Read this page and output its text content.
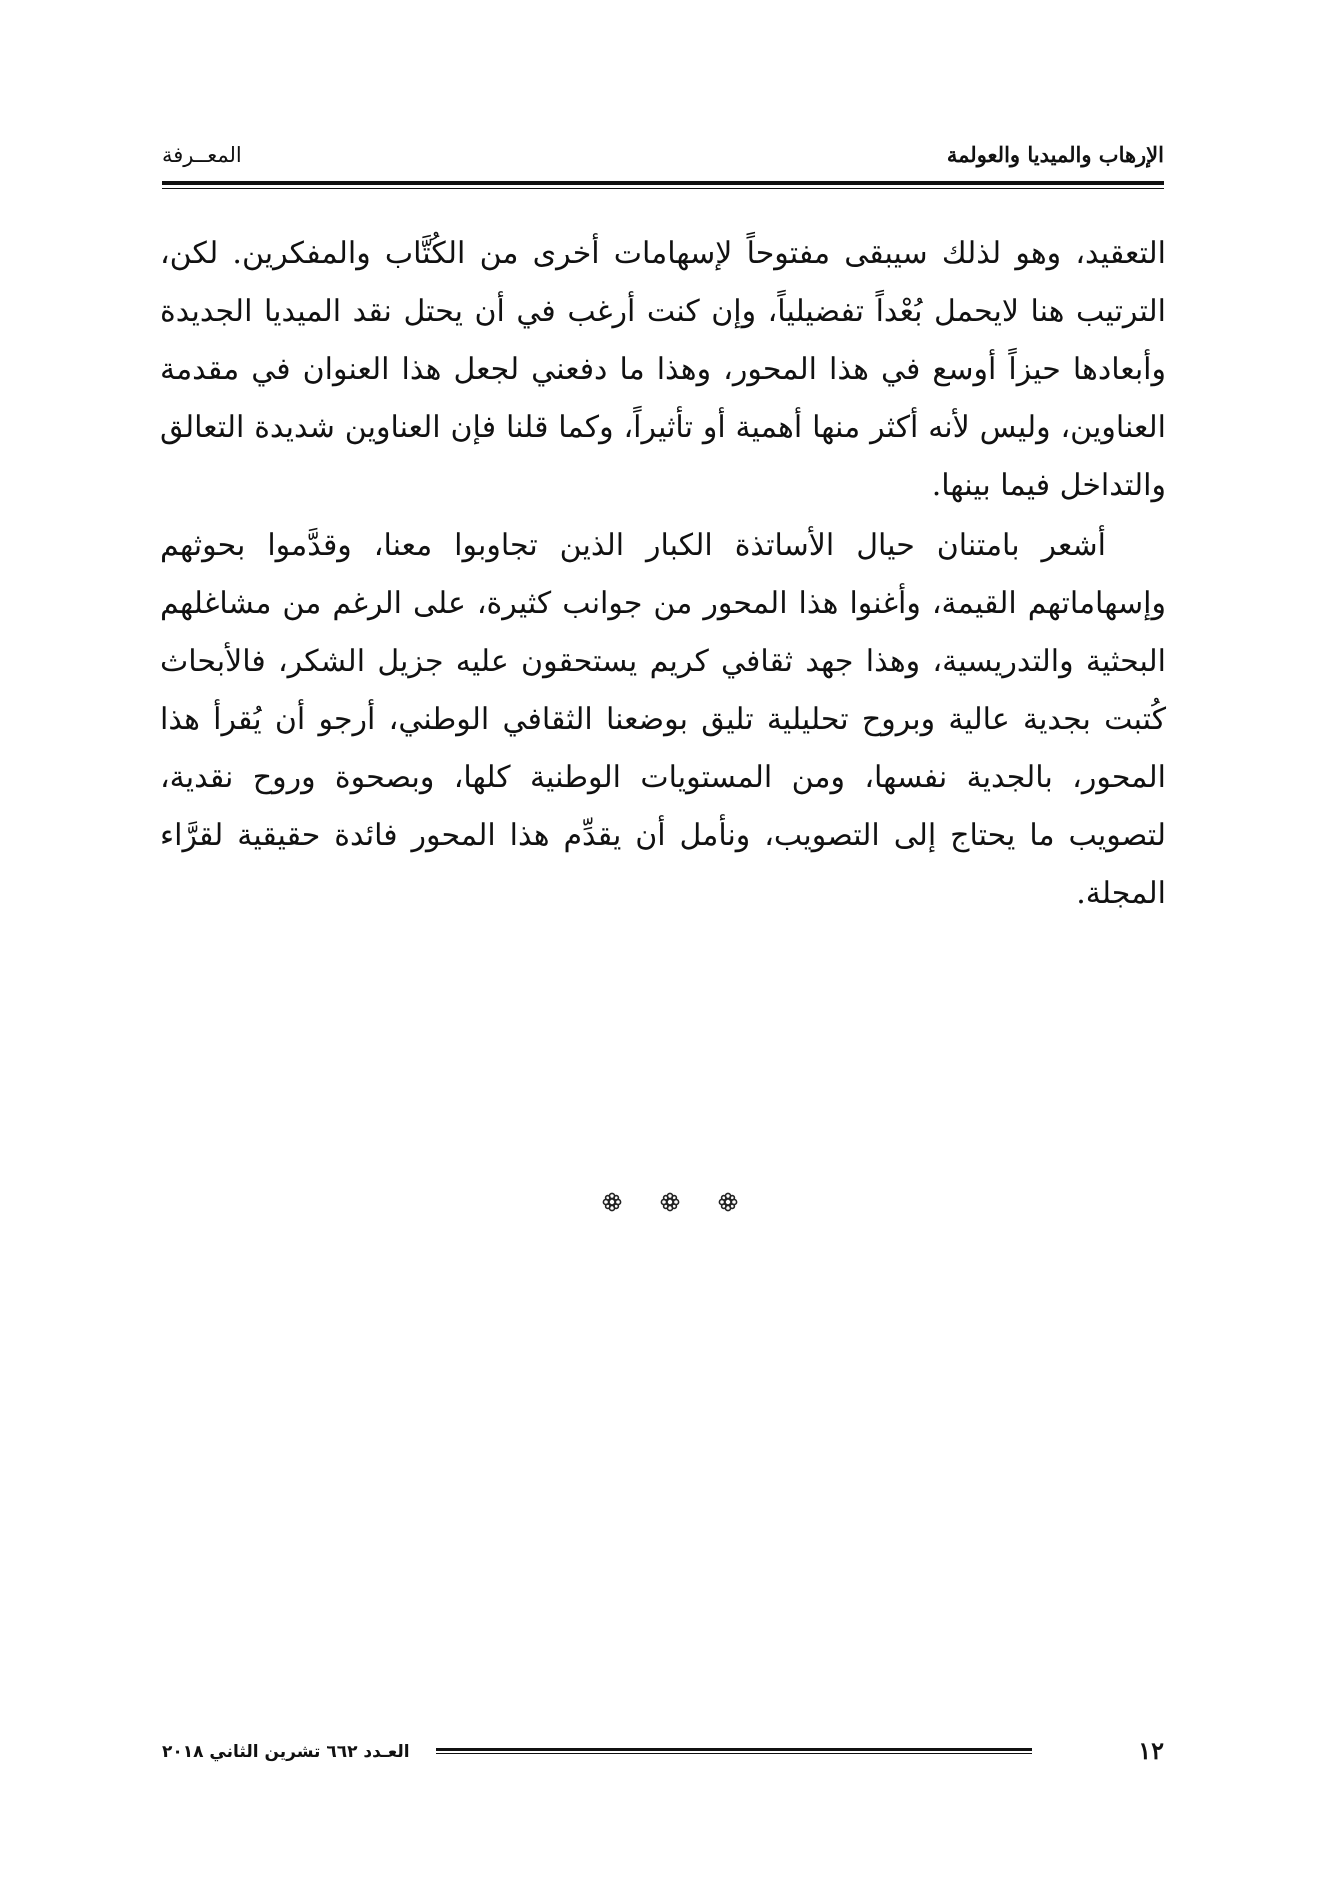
المعــرفة	الإرهاب والميديا والعولمة

التعقيد، وهو لذلك سيبقى مفتوحاً لإسهامات أخرى من الكُتَّاب والمفكرين. لكن، الترتيب هنا لايحمل بُعْداً تفضيلياً، وإن كنت أرغب في أن يحتل نقد الميديا الجديدة وأبعادها حيزاً أوسع في هذا المحور، وهذا ما دفعني لجعل هذا العنوان في مقدمة العناوين، وليس لأنه أكثر منها أهمية أو تأثيراً، وكما قلنا فإن العناوين شديدة التعالق والتداخل فيما بينها.

أشعر بامتنان حيال الأساتذة الكبار الذين تجاوبوا معنا، وقدَّموا بحوثهم وإسهاماتهم القيمة، وأغنوا هذا المحور من جوانب كثيرة، على الرغم من مشاغلهم البحثية والتدريسية، وهذا جهد ثقافي كريم يستحقون عليه جزيل الشكر، فالأبحاث كُتبت بجدية عالية وبروح تحليلية تليق بوضعنا الثقافي الوطني، أرجو أن يُقرأ هذا المحور، بالجدية نفسها، ومن المستويات الوطنية كلها، وبصحوة وروح نقدية، لتصويب ما يحتاج إلى التصويب، ونأمل أن يقدِّم هذا المحور فائدة حقيقية لقرَّاء المجلة.

العـدد ٦٦٢ تشرين الثاني ٢٠١٨	١٢
